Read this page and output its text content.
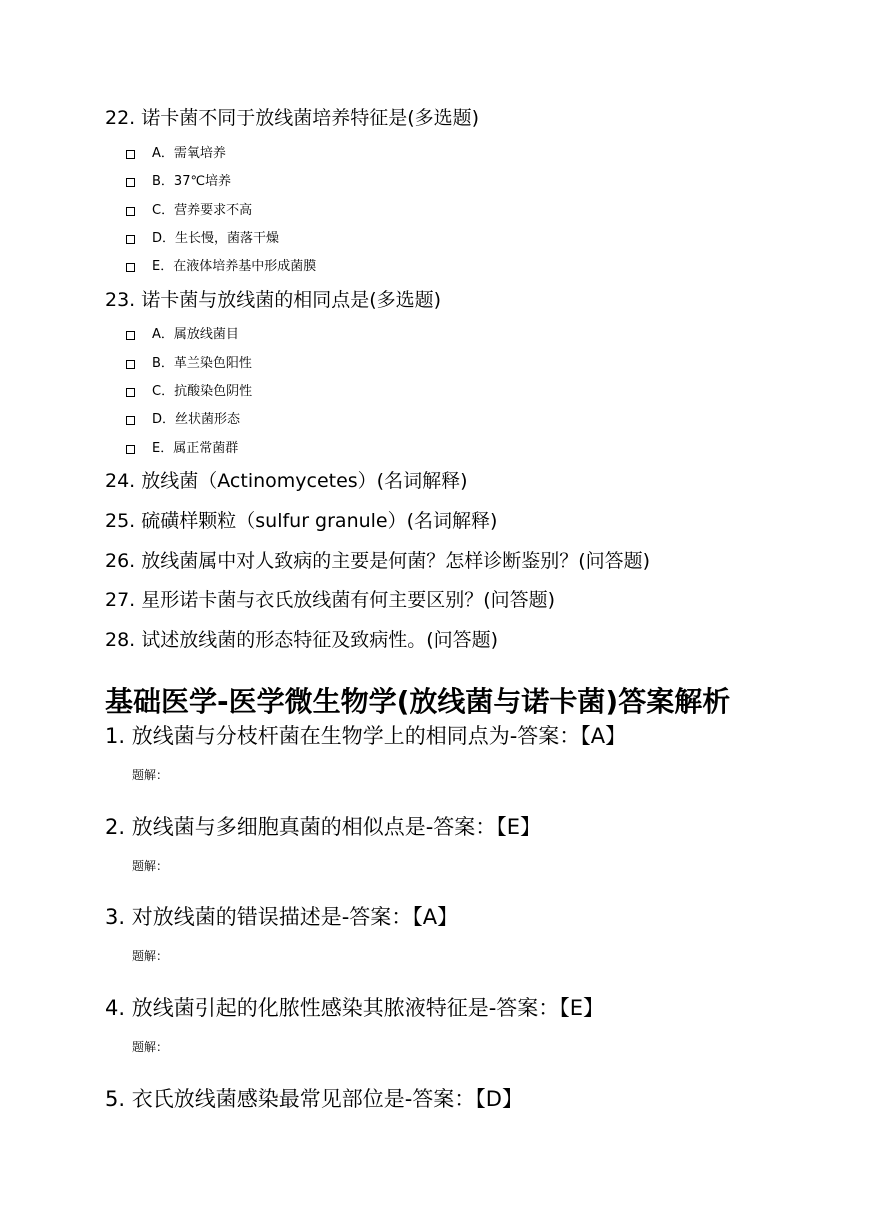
22. 诺卡菌不同于放线菌培养特征是(多选题)
A．需氧培养
B．37℃培养
C．营养要求不高
D．生长慢，菌落干燥
E．在液体培养基中形成菌膜
23. 诺卡菌与放线菌的相同点是(多选题)
A．属放线菌目
B．革兰染色阳性
C．抗酸染色阴性
D．丝状菌形态
E．属正常菌群
24. 放线菌（Actinomycetes）(名词解释)
25. 硫磺样颗粒（sulfur granule）(名词解释)
26. 放线菌属中对人致病的主要是何菌？怎样诊断鉴别？(问答题)
27. 星形诺卡菌与衣氏放线菌有何主要区别？(问答题)
28. 试述放线菌的形态特征及致病性。(问答题)
基础医学-医学微生物学(放线菌与诺卡菌)答案解析
1. 放线菌与分枝杆菌在生物学上的相同点为-答案：【A】
题解：
2. 放线菌与多细胞真菌的相似点是-答案：【E】
题解：
3. 对放线菌的错误描述是-答案：【A】
题解：
4. 放线菌引起的化脓性感染其脓液特征是-答案：【E】
题解：
5. 衣氏放线菌感染最常见部位是-答案：【D】
